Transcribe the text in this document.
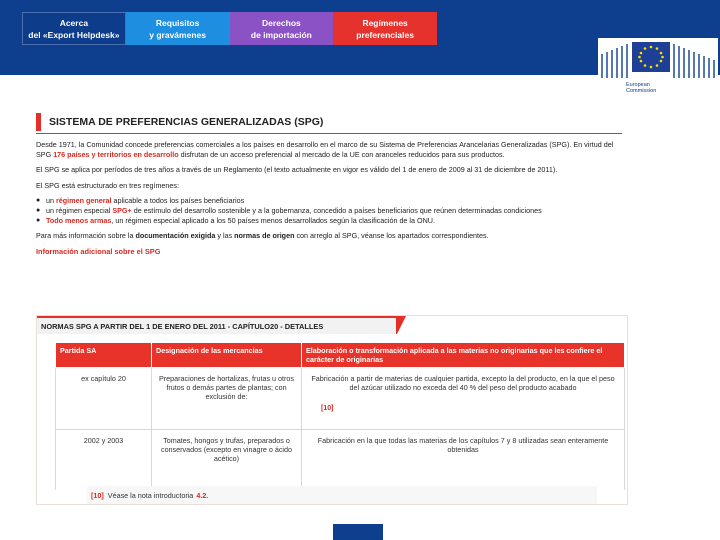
Acerca
del «Export Helpdesk»
Requisitos
y gravámenes
Derechos
de importación
Regímenes
preferenciales
European
Commission
SISTEMA DE PREFERENCIAS GENERALIZADAS (SPG)

Desde 1971, la Comunidad concede preferencias comerciales a los países en desarrollo en el marco de su Sistema de Preferencias Arancelarias Generalizadas (SPG). En virtud del SPG 176 países y territorios en desarrollo disfrutan de un acceso preferencial al mercado de la UE con aranceles reducidos para sus productos.

El SPG se aplica por períodos de tres años a través de un Reglamento (el texto actualmente en vigor es válido del 1 de enero de 2009 al 31 de diciembre de 2011).

El SPG está estructurado en tres regímenes:

● un régimen general aplicable a todos los países beneficiarios
● un régimen especial SPG+ de estímulo del desarrollo sostenible y a la gobernanza, concedido a países beneficiarios que reúnen determinadas condiciones
● Todo menos armas, un régimen especial aplicado a los 50 países menos desarrollados según la clasificación de la ONU.

Para más información sobre la documentación exigida y las normas de origen con arreglo al SPG, véanse los apartados correspondientes.

Información adicional sobre el SPG
NORMAS SPG A PARTIR DEL 1 DE ENERO DEL 2011 - CAPÍTULO20 - DETALLES
Partida SA	Designación de las mercancías	Elaboración o transformación aplicada a las materias no originarias que les confiere el carácter de originarias
ex capítulo 20	Preparaciones de hortalizas, frutas u otros frutos o demás partes de plantas; con exclusión de:	Fabricación a partir de materias de cualquier partida, excepto la del producto, en la que el peso del azúcar utilizado no exceda del 40 % del peso del producto acabado
2002 y 2003	Tomates, hongos y trufas, preparados o conservados (excepto en vinagre o ácido acético)	Fabricación en la que todas las materias de los capítulos 7 y 8 utilizadas sean enteramente obtenidas
[10]
[10] Véase la nota introductoria 4.2.
